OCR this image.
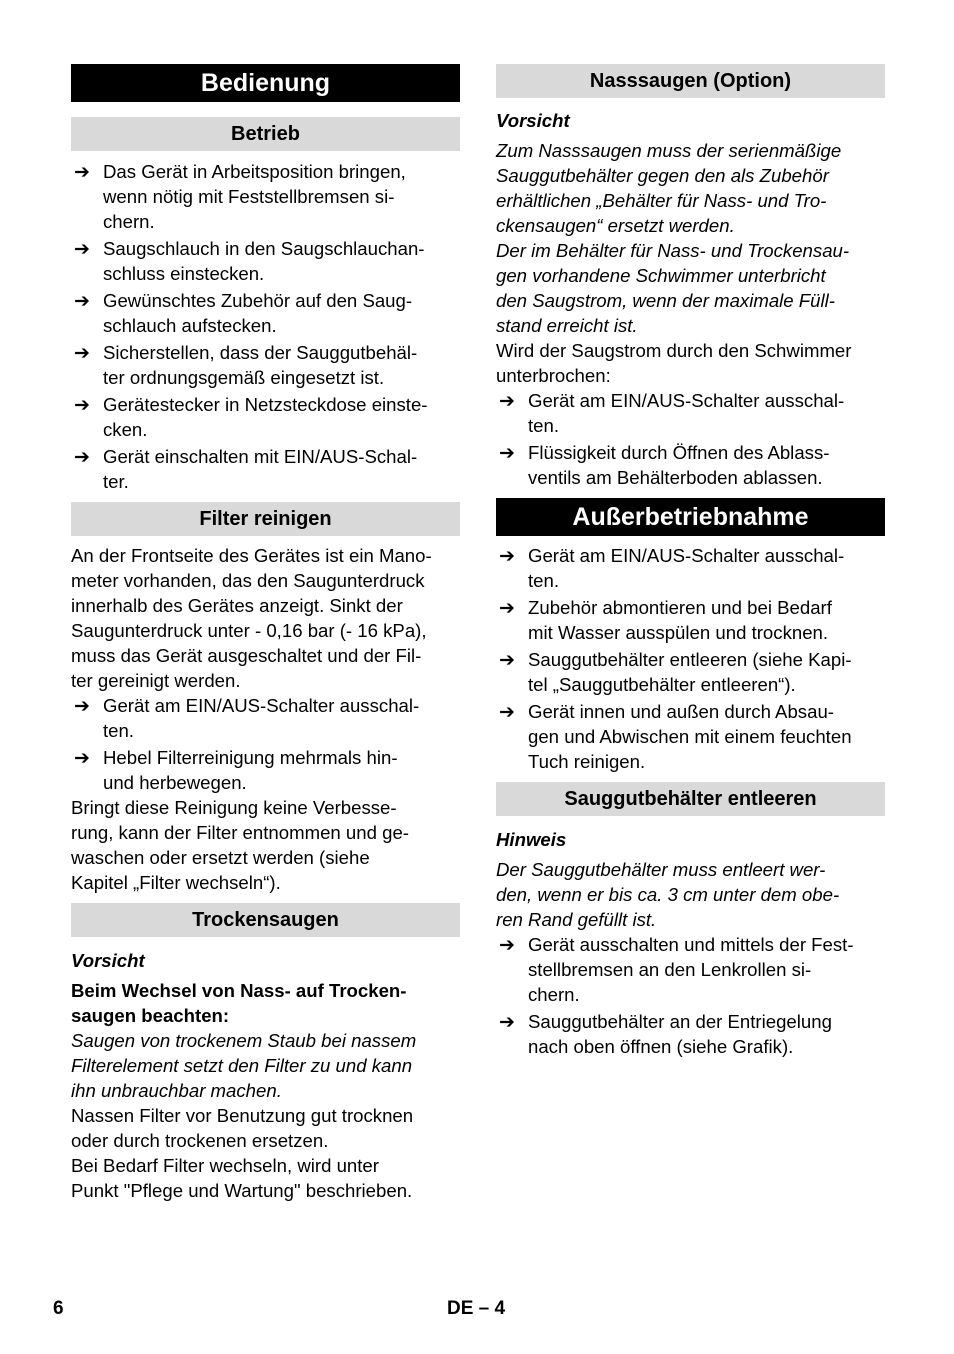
Bedienung
Betrieb
➔ Das Gerät in Arbeitsposition bringen,
wenn nötig mit Feststellbremsen si-
chern.
➔ Saugschlauch in den Saugschlauchan-
schluss einstecken.
➔ Gewünschtes Zubehör auf den Saug-
schlauch aufstecken.
➔ Sicherstellen, dass der Sauggutbehäl-
ter ordnungsgemäß eingesetzt ist.
➔ Gerätestecker in Netzsteckdose einste-
cken.
➔ Gerät einschalten mit EIN/AUS-Schal-
ter.
Filter reinigen

An der Frontseite des Gerätes ist ein Mano-
meter vorhanden, das den Saugunterdruck
innerhalb des Gerätes anzeigt. Sinkt der
Saugunterdruck unter - 0,16 bar (- 16 kPa),
muss das Gerät ausgeschaltet und der Fil-
ter gereinigt werden.

➔ Gerät am EIN/AUS-Schalter ausschal-
ten.
➔ Hebel Filterreinigung mehrmals hin-
und herbewegen.

Bringt diese Reinigung keine Verbesse-
rung, kann der Filter entnommen und ge-
waschen oder ersetzt werden (siehe
Kapitel „Filter wechseln“).

Trockensaugen

Vorsicht

Beim Wechsel von Nass- auf Trocken-
saugen beachten:

Saugen von trockenem Staub bei nassem
Filterelement setzt den Filter zu und kann
ihn unbrauchbar machen.

Nassen Filter vor Benutzung gut trocknen
oder durch trockenen ersetzen.

Bei Bedarf Filter wechseln, wird unter
Punkt "Pflege und Wartung" beschrieben.

Nasssaugen (Option)

Vorsicht

Zum Nasssaugen muss der serienmäßige
Sauggutbehälter gegen den als Zubehör
erhältlichen „Behälter für Nass- und Tro-
ckensaugen“ ersetzt werden.

Der im Behälter für Nass- und Trockensau-
gen vorhandene Schwimmer unterbricht
den Saugstrom, wenn der maximale Füll-
stand erreicht ist.

Wird der Saugstrom durch den Schwimmer
unterbrochen:

➔ Gerät am EIN/AUS-Schalter ausschal-
ten.
➔ Flüssigkeit durch Öffnen des Ablass-
ventils am Behälterboden ablassen.
Außerbetriebnahme
➔ Gerät am EIN/AUS-Schalter ausschal-
ten.
➔ Zubehör abmontieren und bei Bedarf
mit Wasser ausspülen und trocknen.
➔ Sauggutbehälter entleeren (siehe Kapi-
tel „Sauggutbehälter entleeren“).
➔ Gerät innen und außen durch Absau-
gen und Abwischen mit einem feuchten
Tuch reinigen.
Sauggutbehälter entleeren

Hinweis

Der Sauggutbehälter muss entleert wer-
den, wenn er bis ca. 3 cm unter dem obe-
ren Rand gefüllt ist.

➔ Gerät ausschalten und mittels der Fest-
stellbremsen an den Lenkrollen si-
chern.
➔ Sauggutbehälter an der Entriegelung
nach oben öffnen (siehe Grafik).
6	DE – 4
